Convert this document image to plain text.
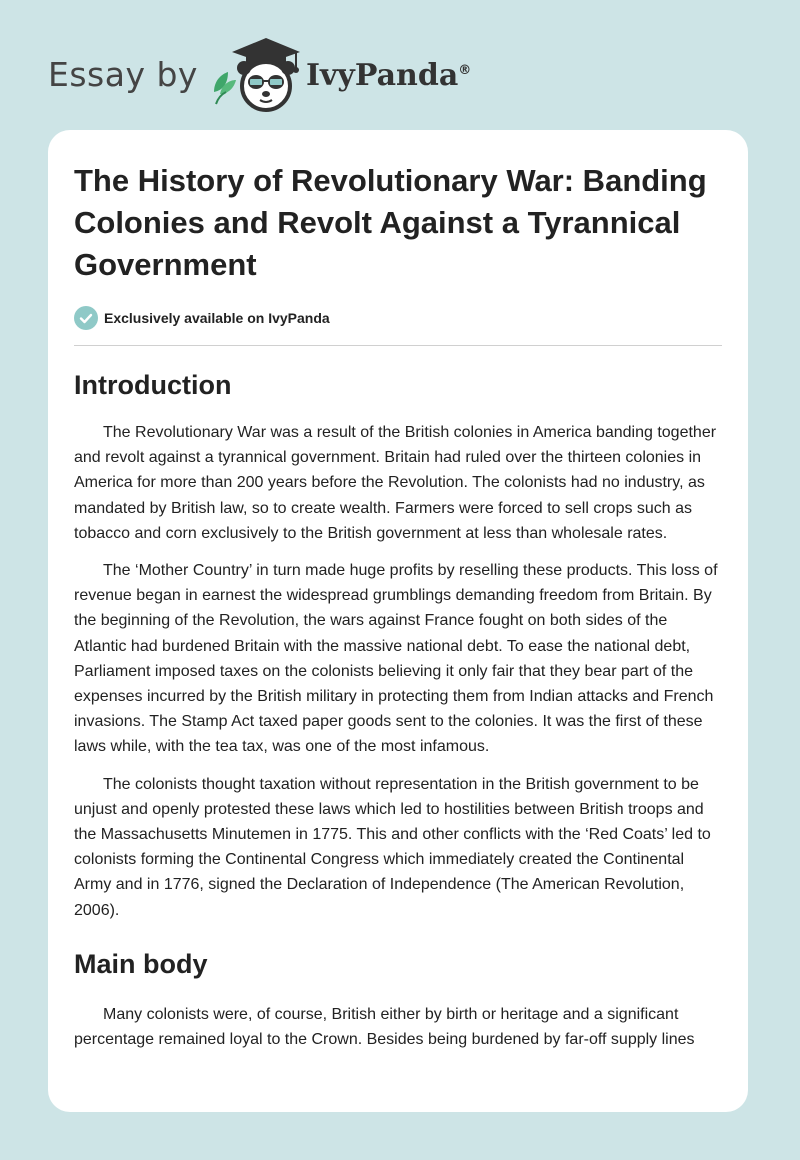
Essay by	IvyPanda®
The History of Revolutionary War: Banding Colonies and Revolt Against a Tyrannical Government
Exclusively available on IvyPanda
Introduction

The Revolutionary War was a result of the British colonies in America banding together and revolt against a tyrannical government. Britain had ruled over the thirteen colonies in America for more than 200 years before the Revolution. The colonists had no industry, as mandated by British law, so to create wealth. Farmers were forced to sell crops such as tobacco and corn exclusively to the British government at less than wholesale rates.

The ‘Mother Country’ in turn made huge profits by reselling these products. This loss of revenue began in earnest the widespread grumblings demanding freedom from Britain. By the beginning of the Revolution, the wars against France fought on both sides of the Atlantic had burdened Britain with the massive national debt. To ease the national debt, Parliament imposed taxes on the colonists believing it only fair that they bear part of the expenses incurred by the British military in protecting them from Indian attacks and French invasions. The Stamp Act taxed paper goods sent to the colonies. It was the first of these laws while, with the tea tax, was one of the most infamous.

The colonists thought taxation without representation in the British government to be unjust and openly protested these laws which led to hostilities between British troops and the Massachusetts Minutemen in 1775. This and other conflicts with the ‘Red Coats’ led to colonists forming the Continental Congress which immediately created the Continental Army and in 1776, signed the Declaration of Independence (The American Revolution, 2006).

Main body

Many colonists were, of course, British either by birth or heritage and a significant percentage remained loyal to the Crown. Besides being burdened by far-off supply lines
